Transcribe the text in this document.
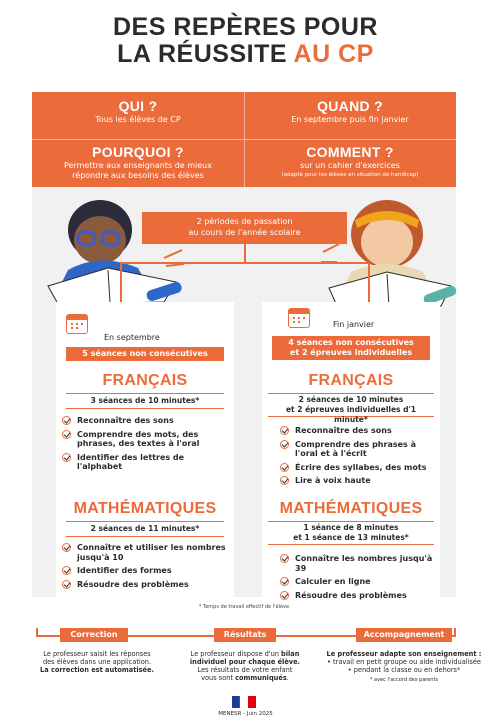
DES REPÈRES POUR
LA RÉUSSITE AU CP
QUI ?

Tous les élèves de CP

QUAND ?

En septembre puis fin janvier

POURQUOI ?

Permettre aux enseignants de mieux

répondre aux besoins des élèves

COMMENT ?

sur un cahier d'exercices

(adapté pour les élèves en situation de handicap)

2 périodes de passation
au cours de l'année scolaire
En septembre
5 séances non consécutives
FRANÇAIS
3 séances de 10 minutes*
Reconnaître des sons
Comprendre des mots, des phrases, des textes à l'oral
Identifier des lettres de l'alphabet
MATHÉMATIQUES
2 séances de 11 minutes*
Connaître et utiliser les nombres jusqu'à 10
Identifier des formes
Résoudre des problèmes
Fin janvier
4 séances non consécutives
et 2 épreuves individuelles
FRANÇAIS
2 séances de 10 minutes
et 2 épreuves individuelles d'1 minute*
Reconnaître des sons
Comprendre des phrases à l'oral et à l'écrit
Écrire des syllabes, des mots
Lire à voix haute
MATHÉMATIQUES
1 séance de 8 minutes
et 1 séance de 13 minutes*
Connaître les nombres jusqu'à 39
Calculer en ligne
Résoudre des problèmes
* Temps de travail effectif de l'élève
Correction	Résultats	Accompagnement
Le professeur saisit les réponses
des élèves dans une application.
La correction est automatisée.
Le professeur dispose d'un bilan
individuel pour chaque élève.
Les résultats de votre enfant
vous sont communiqués.
Le professeur adapte son enseignement :
• travail en petit groupe ou aide individualisée
• pendant la classe ou en dehors*
* avec l'accord des parents
MENESR - Juin 2025
